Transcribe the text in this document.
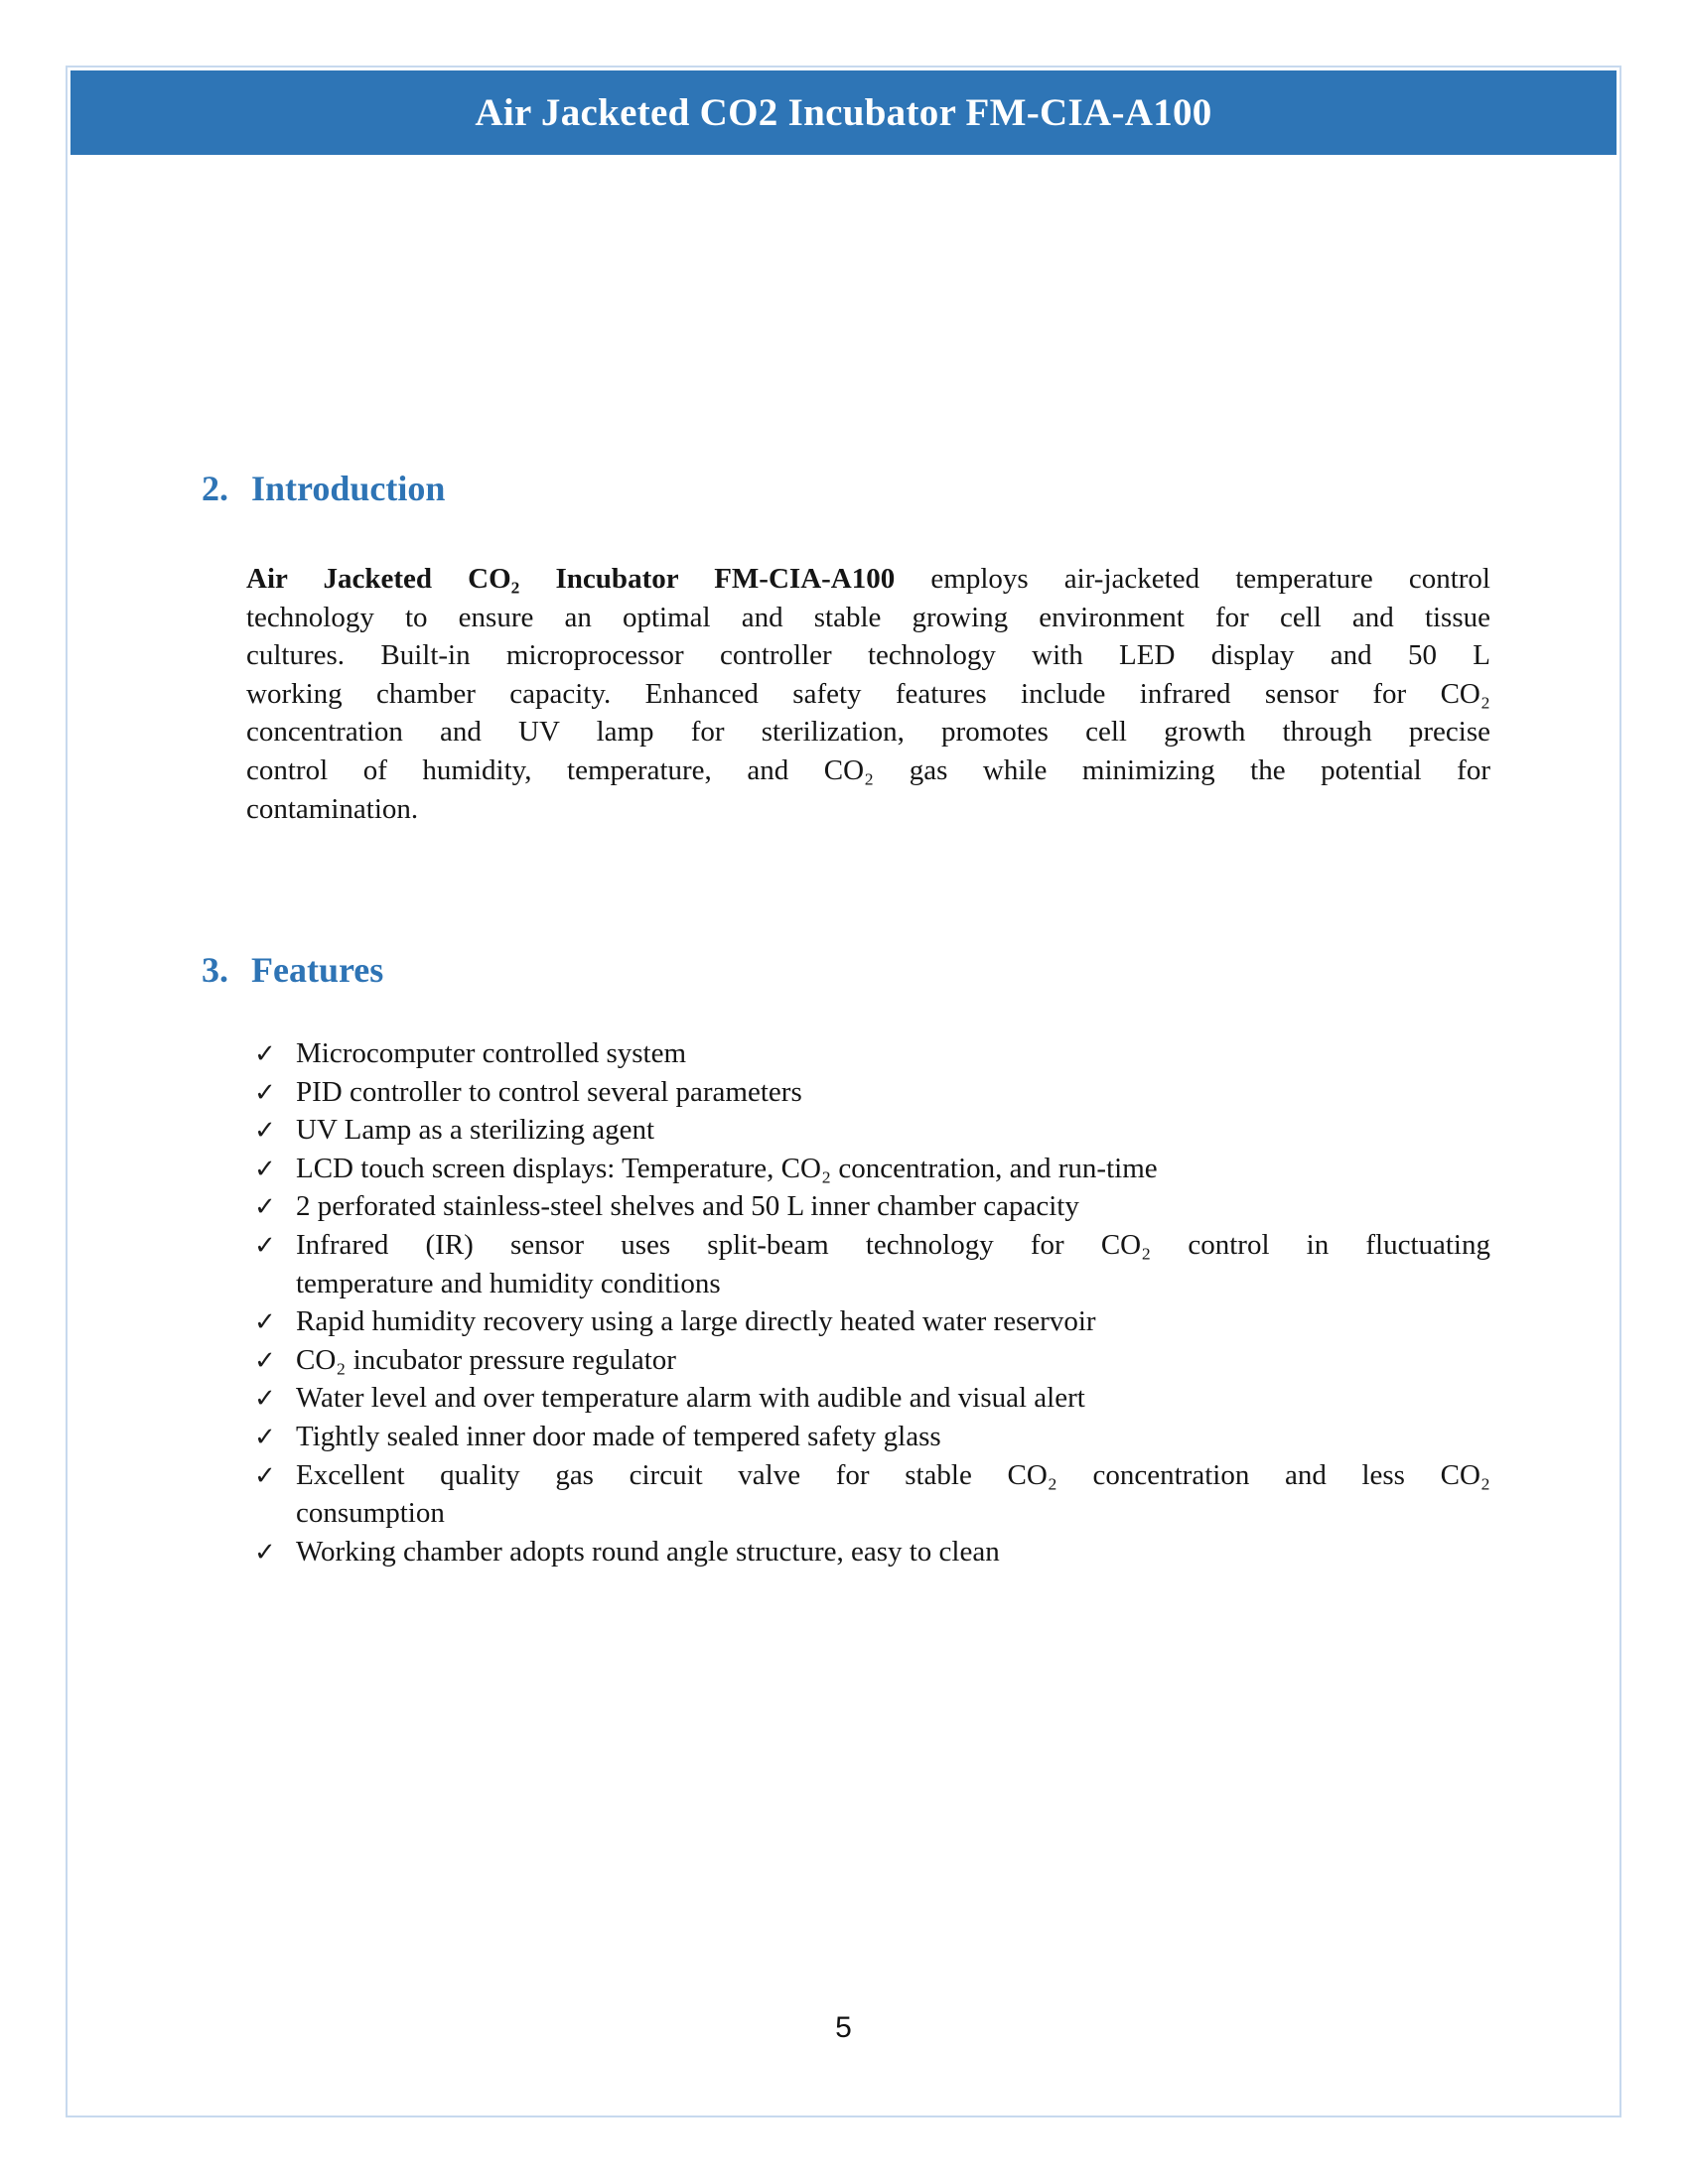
Air Jacketed CO2 Incubator FM-CIA-A100
2. Introduction
Air Jacketed CO₂ Incubator FM-CIA-A100 employs air-jacketed temperature control
technology to ensure an optimal and stable growing environment for cell and tissue
cultures. Built-in microprocessor controller technology with LED display and 50 L
working chamber capacity. Enhanced safety features include infrared sensor for CO₂
concentration and UV lamp for sterilization, promotes cell growth through precise
control of humidity, temperature, and CO₂ gas while minimizing the potential for
contamination.
3. Features
✓ Microcomputer controlled system
✓ PID controller to control several parameters
✓ UV Lamp as a sterilizing agent
✓ LCD touch screen displays: Temperature, CO₂ concentration, and run-time
✓ 2 perforated stainless-steel shelves and 50 L inner chamber capacity
✓ Infrared (IR) sensor uses split-beam technology for CO₂ control in fluctuating
temperature and humidity conditions
✓ Rapid humidity recovery using a large directly heated water reservoir
✓ CO₂ incubator pressure regulator
✓ Water level and over temperature alarm with audible and visual alert
✓ Tightly sealed inner door made of tempered safety glass
✓ Excellent quality gas circuit valve for stable CO₂ concentration and less CO₂
consumption
✓ Working chamber adopts round angle structure, easy to clean
5
